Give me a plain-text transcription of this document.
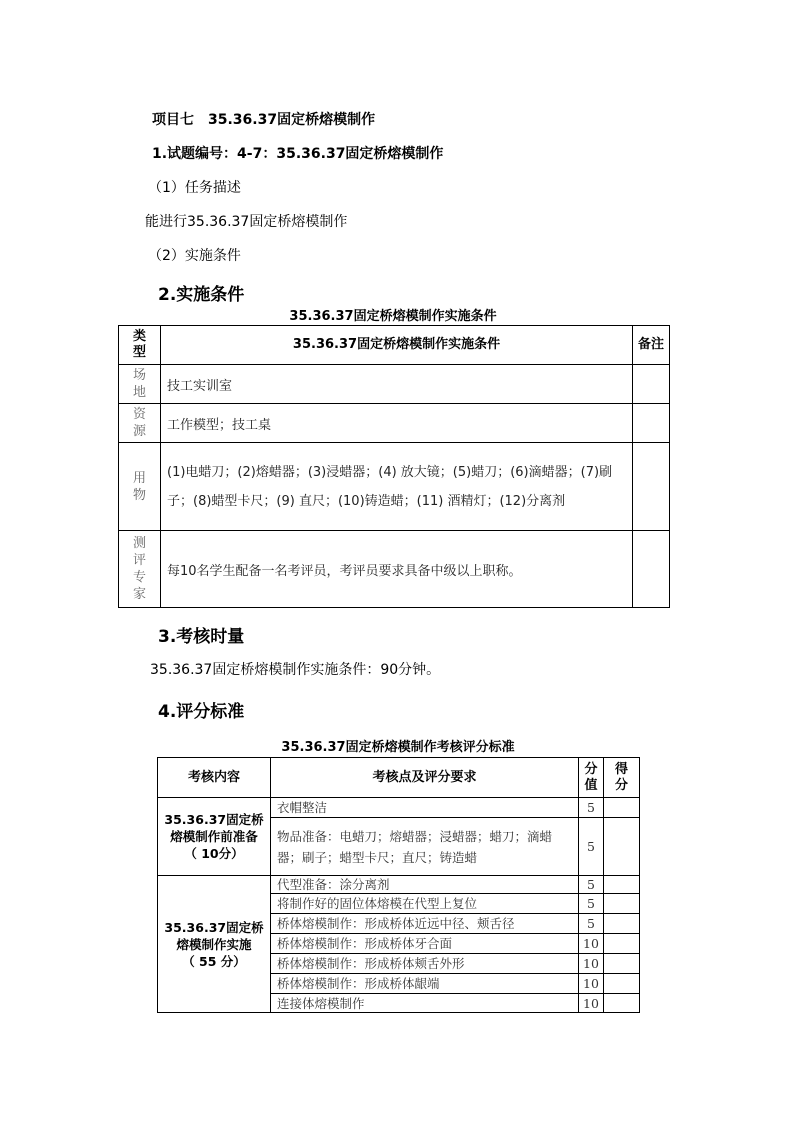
项目七　35.36.37固定桥熔模制作
1.试题编号：4-7：35.36.37固定桥熔模制作
（1）任务描述
能进行35.36.37固定桥熔模制作
（2）实施条件
2.实施条件
35.36.37固定桥熔模制作实施条件
类型	35.36.37固定桥熔模制作实施条件	备注
场地	技工实训室	
资源	工作模型；技工桌	
用物	(1)电蜡刀；(2)熔蜡器；(3)浸蜡器；(4) 放大镜；(5)蜡刀；(6)滴蜡器；(7)刷子；(8)蜡型卡尺；(9) 直尺；(10)铸造蜡；(11) 酒精灯；(12)分离剂	
测评专家	每10名学生配备一名考评员，考评员要求具备中级以上职称。	
3.考核时量
35.36.37固定桥熔模制作实施条件：90分钟。
4.评分标准
35.36.37固定桥熔模制作考核评分标准
考核内容	考核点及评分要求	分值	得分

35.36.37固定桥熔模制作前准备
（ 10分）	衣帽整洁	5	
	物品准备：电蜡刀；熔蜡器；浸蜡器；蜡刀；滴蜡器；刷子；蜡型卡尺；直尺；铸造蜡	5	

35.36.37固定桥熔模制作实施
（ 55 分）	代型准备：涂分离剂	5	
	将制作好的固位体熔模在代型上复位	5	
	桥体熔模制作：形成桥体近远中径、颊舌径	5	
	桥体熔模制作：形成桥体牙合面	10	
	桥体熔模制作：形成桥体颊舌外形	10	
	桥体熔模制作：形成桥体龈端	10	
	连接体熔模制作	10	
